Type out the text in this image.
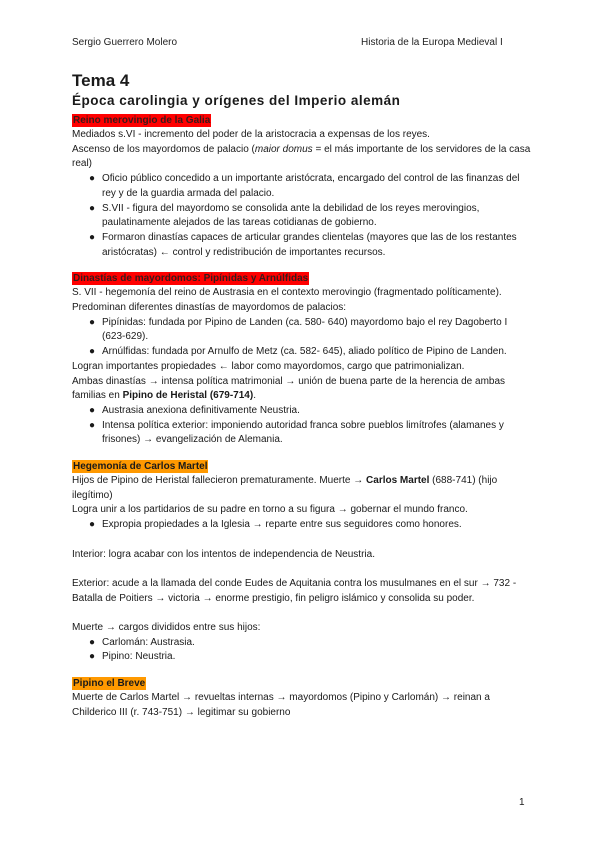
Sergio Guerrero Molero	Historia de la Europa Medieval I
Tema 4
Época carolingia y orígenes del Imperio alemán
Reino merovingio de la Galia

Mediados s.VI - incremento del poder de la aristocracia a expensas de los reyes.

Ascenso de los mayordomos de palacio (maior domus = el más importante de los servidores de la casa real)

● Oficio público concedido a un importante aristócrata, encargado del control de las finanzas del rey y de la guardia armada del palacio.
● S.VII - figura del mayordomo se consolida ante la debilidad de los reyes merovingios, paulatinamente alejados de las tareas cotidianas de gobierno.
● Formaron dinastías capaces de articular grandes clientelas (mayores que las de los restantes aristócratas) ← control y redistribución de importantes recursos.
Dinastías de mayordomos: Pipínidas y Arnúlfidas

S. VII - hegemonía del reino de Austrasia en el contexto merovingio (fragmentado políticamente).

Predominan diferentes dinastías de mayordomos de palacios:

● Pipínidas: fundada por Pipino de Landen (ca. 580- 640) mayordomo bajo el rey Dagoberto I (623-629).
● Arnúlfidas: fundada por Arnulfo de Metz (ca. 582- 645), aliado político de Pipino de Landen.

Logran importantes propiedades ← labor como mayordomos, cargo que patrimonializan.

Ambas dinastías → intensa política matrimonial → unión de buena parte de la herencia de ambas familias en Pipino de Heristal (679-714).

● Austrasia anexiona definitivamente Neustria.
● Intensa política exterior: imponiendo autoridad franca sobre pueblos limítrofes (alamanes y frisones) → evangelización de Alemania.
Hegemonía de Carlos Martel

Hijos de Pipino de Heristal fallecieron prematuramente. Muerte → Carlos Martel (688-741) (hijo ilegítimo)

Logra unir a los partidarios de su padre en torno a su figura → gobernar el mundo franco.

● Expropia propiedades a la Iglesia → reparte entre sus seguidores como honores.

Interior: logra acabar con los intentos de independencia de Neustria.

Exterior: acude a la llamada del conde Eudes de Aquitania contra los musulmanes en el sur → 732 - Batalla de Poitiers → victoria → enorme prestigio, fin peligro islámico y consolida su poder.

Muerte → cargos divididos entre sus hijos:

● Carlomán: Austrasia.
● Pipino: Neustria.
Pipino el Breve

Muerte de Carlos Martel → revueltas internas → mayordomos (Pipino y Carlomán) → reinan a Childerico III (r. 743-751) → legitimar su gobierno

1
